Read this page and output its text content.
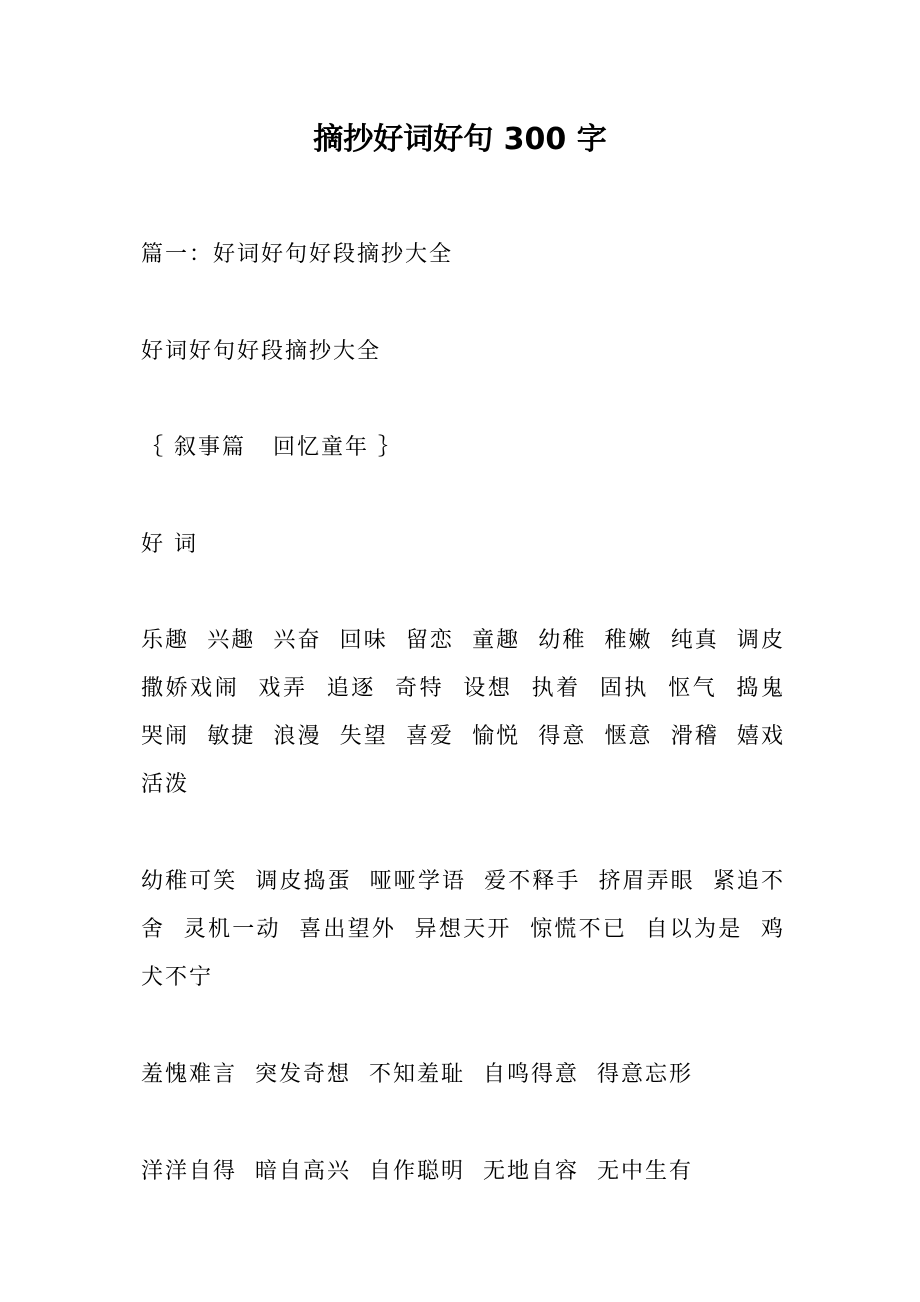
摘抄好词好句 300 字
篇一：好词好句好段摘抄大全
好词好句好段摘抄大全
｛ 叙事篇   回忆童年 ｝
好 词
乐趣  兴趣  兴奋  回味  留恋  童趣  幼稚  稚嫩  纯真  调皮  撒娇戏闹  戏弄  追逐  奇特  设想  执着  固执  怄气  捣鬼  哭闹  敏捷  浪漫  失望  喜爱  愉悦  得意  惬意  滑稽  嬉戏  活泼
幼稚可笑  调皮捣蛋  哑哑学语  爱不释手  挤眉弄眼  紧追不舍  灵机一动  喜出望外  异想天开  惊慌不已  自以为是  鸡犬不宁
羞愧难言  突发奇想  不知羞耻  自鸣得意  得意忘形
洋洋自得  暗自高兴  自作聪明  无地自容  无中生有
